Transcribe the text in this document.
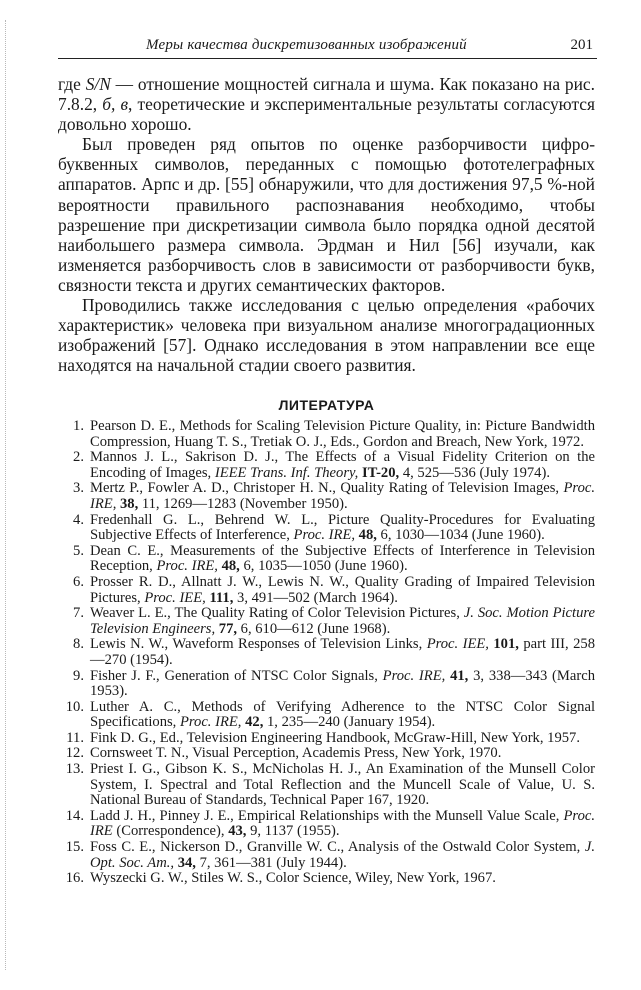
Меры качества дискретизованных изображений	201

где S/N — отношение мощностей сигнала и шума. Как показано на рис. 7.8.2, б, в, теоретические и экспериментальные результаты согласуются довольно хорошо.

Был проведен ряд опытов по оценке разборчивости цифро-буквенных символов, переданных с помощью фототелеграфных аппаратов. Арпс и др. [55] обнаружили, что для достижения 97,5 %-ной вероятности правильного распознавания необходимо, чтобы разрешение при дискретизации символа было порядка одной десятой наибольшего размера символа. Эрдман и Нил [56] изучали, как изменяется разборчивость слов в зависимости от разборчивости букв, связности текста и других семантических факторов.

Проводились также исследования с целью определения «рабочих характеристик» человека при визуальном анализе многоградационных изображений [57]. Однако исследования в этом направлении все еще находятся на начальной стадии своего развития.

ЛИТЕРАТУРА
1. Pearson D. E., Methods for Scaling Television Picture Quality, in: Picture Bandwidth Compression, Huang T. S., Tretiak O. J., Eds., Gordon and Breach, New York, 1972.
2. Mannos J. L., Sakrison D. J., The Effects of a Visual Fidelity Criterion on the Encoding of Images, IEEE Trans. Inf. Theory, IT-20, 4, 525—536 (July 1974).
3. Mertz P., Fowler A. D., Christoper H. N., Quality Rating of Television Images, Proc. IRE, 38, 11, 1269—1283 (November 1950).
4. Fredenhall G. L., Behrend W. L., Picture Quality-Procedures for Evaluating Subjective Effects of Interference, Proc. IRE, 48, 6, 1030—1034 (June 1960).
5. Dean C. E., Measurements of the Subjective Effects of Interference in Television Reception, Proc. IRE, 48, 6, 1035—1050 (June 1960).
6. Prosser R. D., Allnatt J. W., Lewis N. W., Quality Grading of Impaired Television Pictures, Proc. IEE, 111, 3, 491—502 (March 1964).
7. Weaver L. E., The Quality Rating of Color Television Pictures, J. Soc. Motion Picture Television Engineers, 77, 6, 610—612 (June 1968).
8. Lewis N. W., Waveform Responses of Television Links, Proc. IEE, 101, part III, 258—270 (1954).
9. Fisher J. F., Generation of NTSC Color Signals, Proc. IRE, 41, 3, 338—343 (March 1953).
10. Luther A. C., Methods of Verifying Adherence to the NTSC Color Signal Specifications, Proc. IRE, 42, 1, 235—240 (January 1954).
11. Fink D. G., Ed., Television Engineering Handbook, McGraw-Hill, New York, 1957.
12. Cornsweet T. N., Visual Perception, Academis Press, New York, 1970.
13. Priest I. G., Gibson K. S., McNicholas H. J., An Examination of the Munsell Color System, I. Spectral and Total Reflection and the Muncell Scale of Value, U. S. National Bureau of Standards, Technical Paper 167, 1920.
14. Ladd J. H., Pinney J. E., Empirical Relationships with the Munsell Value Scale, Proc. IRE (Correspondence), 43, 9, 1137 (1955).
15. Foss C. E., Nickerson D., Granville W. C., Analysis of the Ostwald Color System, J. Opt. Soc. Am., 34, 7, 361—381 (July 1944).
16. Wyszecki G. W., Stiles W. S., Color Science, Wiley, New York, 1967.
